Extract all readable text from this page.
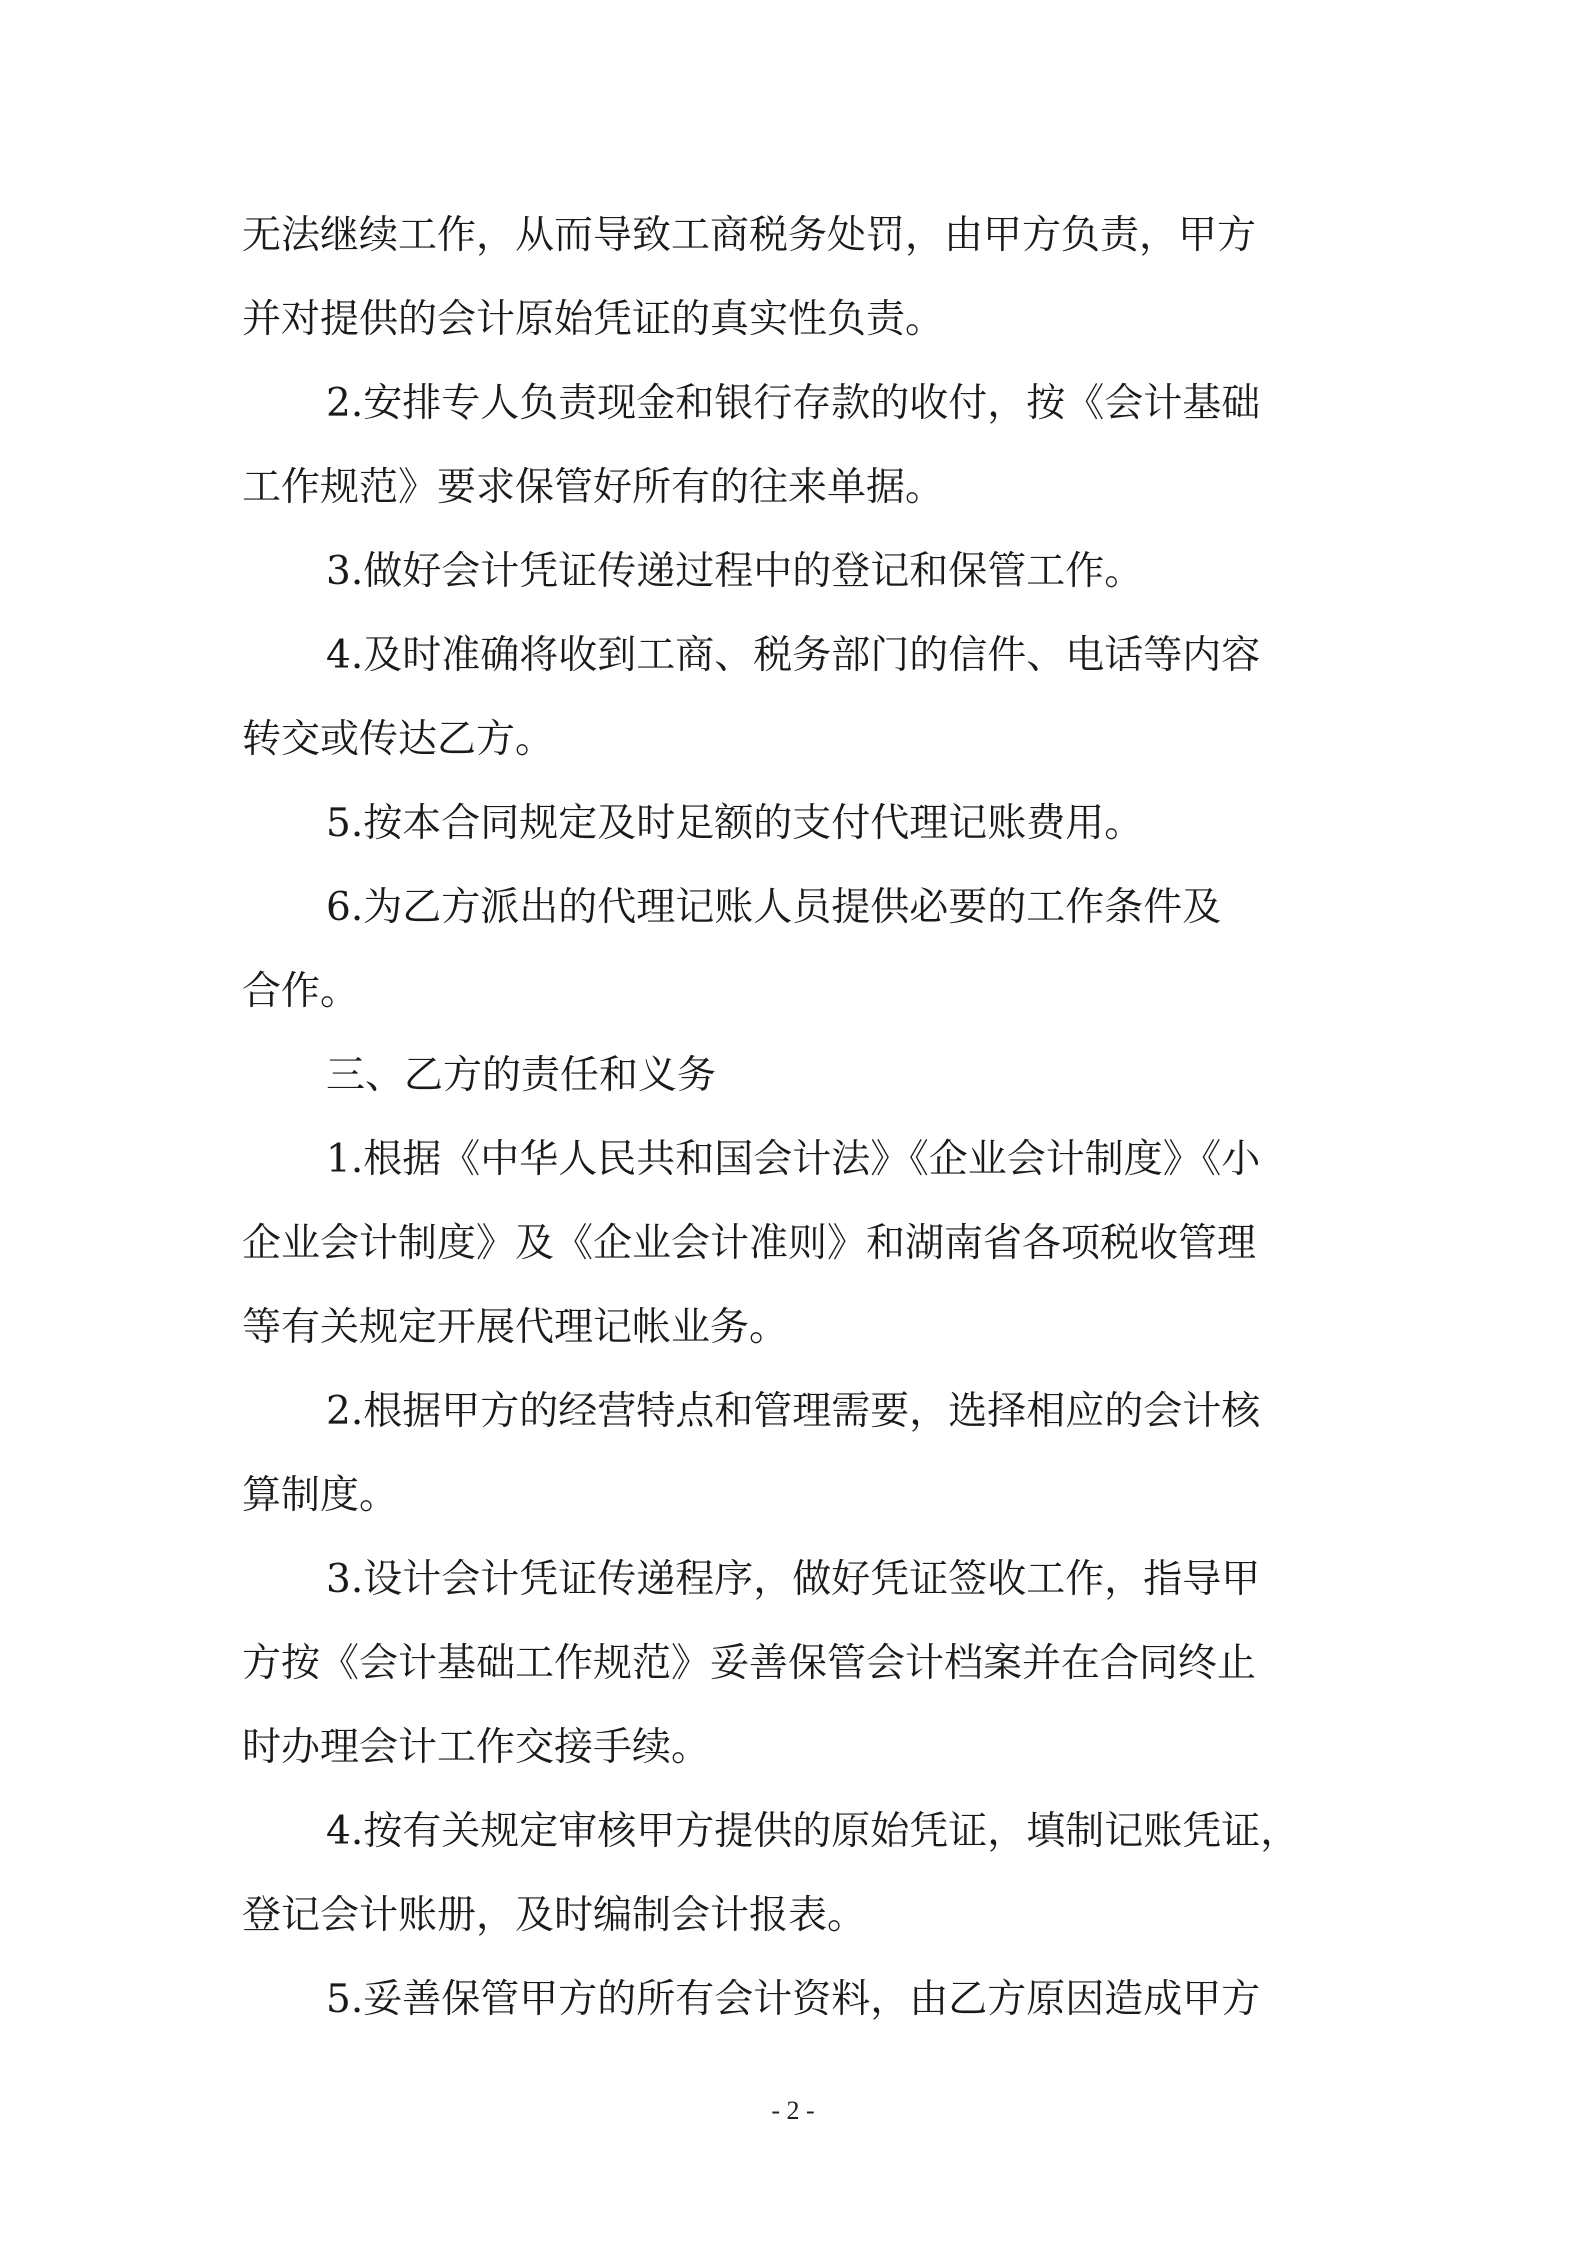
无法继续工作，从而导致工商税务处罚，由甲方负责，甲方
并对提供的会计原始凭证的真实性负责。
2.安排专人负责现金和银行存款的收付，按《会计基础
工作规范》要求保管好所有的往来单据。
3.做好会计凭证传递过程中的登记和保管工作。
4.及时准确将收到工商、税务部门的信件、电话等内容
转交或传达乙方。
5.按本合同规定及时足额的支付代理记账费用。
6.为乙方派出的代理记账人员提供必要的工作条件及
合作。
三、乙方的责任和义务
1.根据《中华人民共和国会计法》《企业会计制度》《小
企业会计制度》及《企业会计准则》和湖南省各项税收管理
等有关规定开展代理记帐业务。
2.根据甲方的经营特点和管理需要，选择相应的会计核
算制度。
3.设计会计凭证传递程序，做好凭证签收工作，指导甲
方按《会计基础工作规范》妥善保管会计档案并在合同终止
时办理会计工作交接手续。
4.按有关规定审核甲方提供的原始凭证，填制记账凭证，
登记会计账册，及时编制会计报表。
5.妥善保管甲方的所有会计资料，由乙方原因造成甲方
- 2 -
